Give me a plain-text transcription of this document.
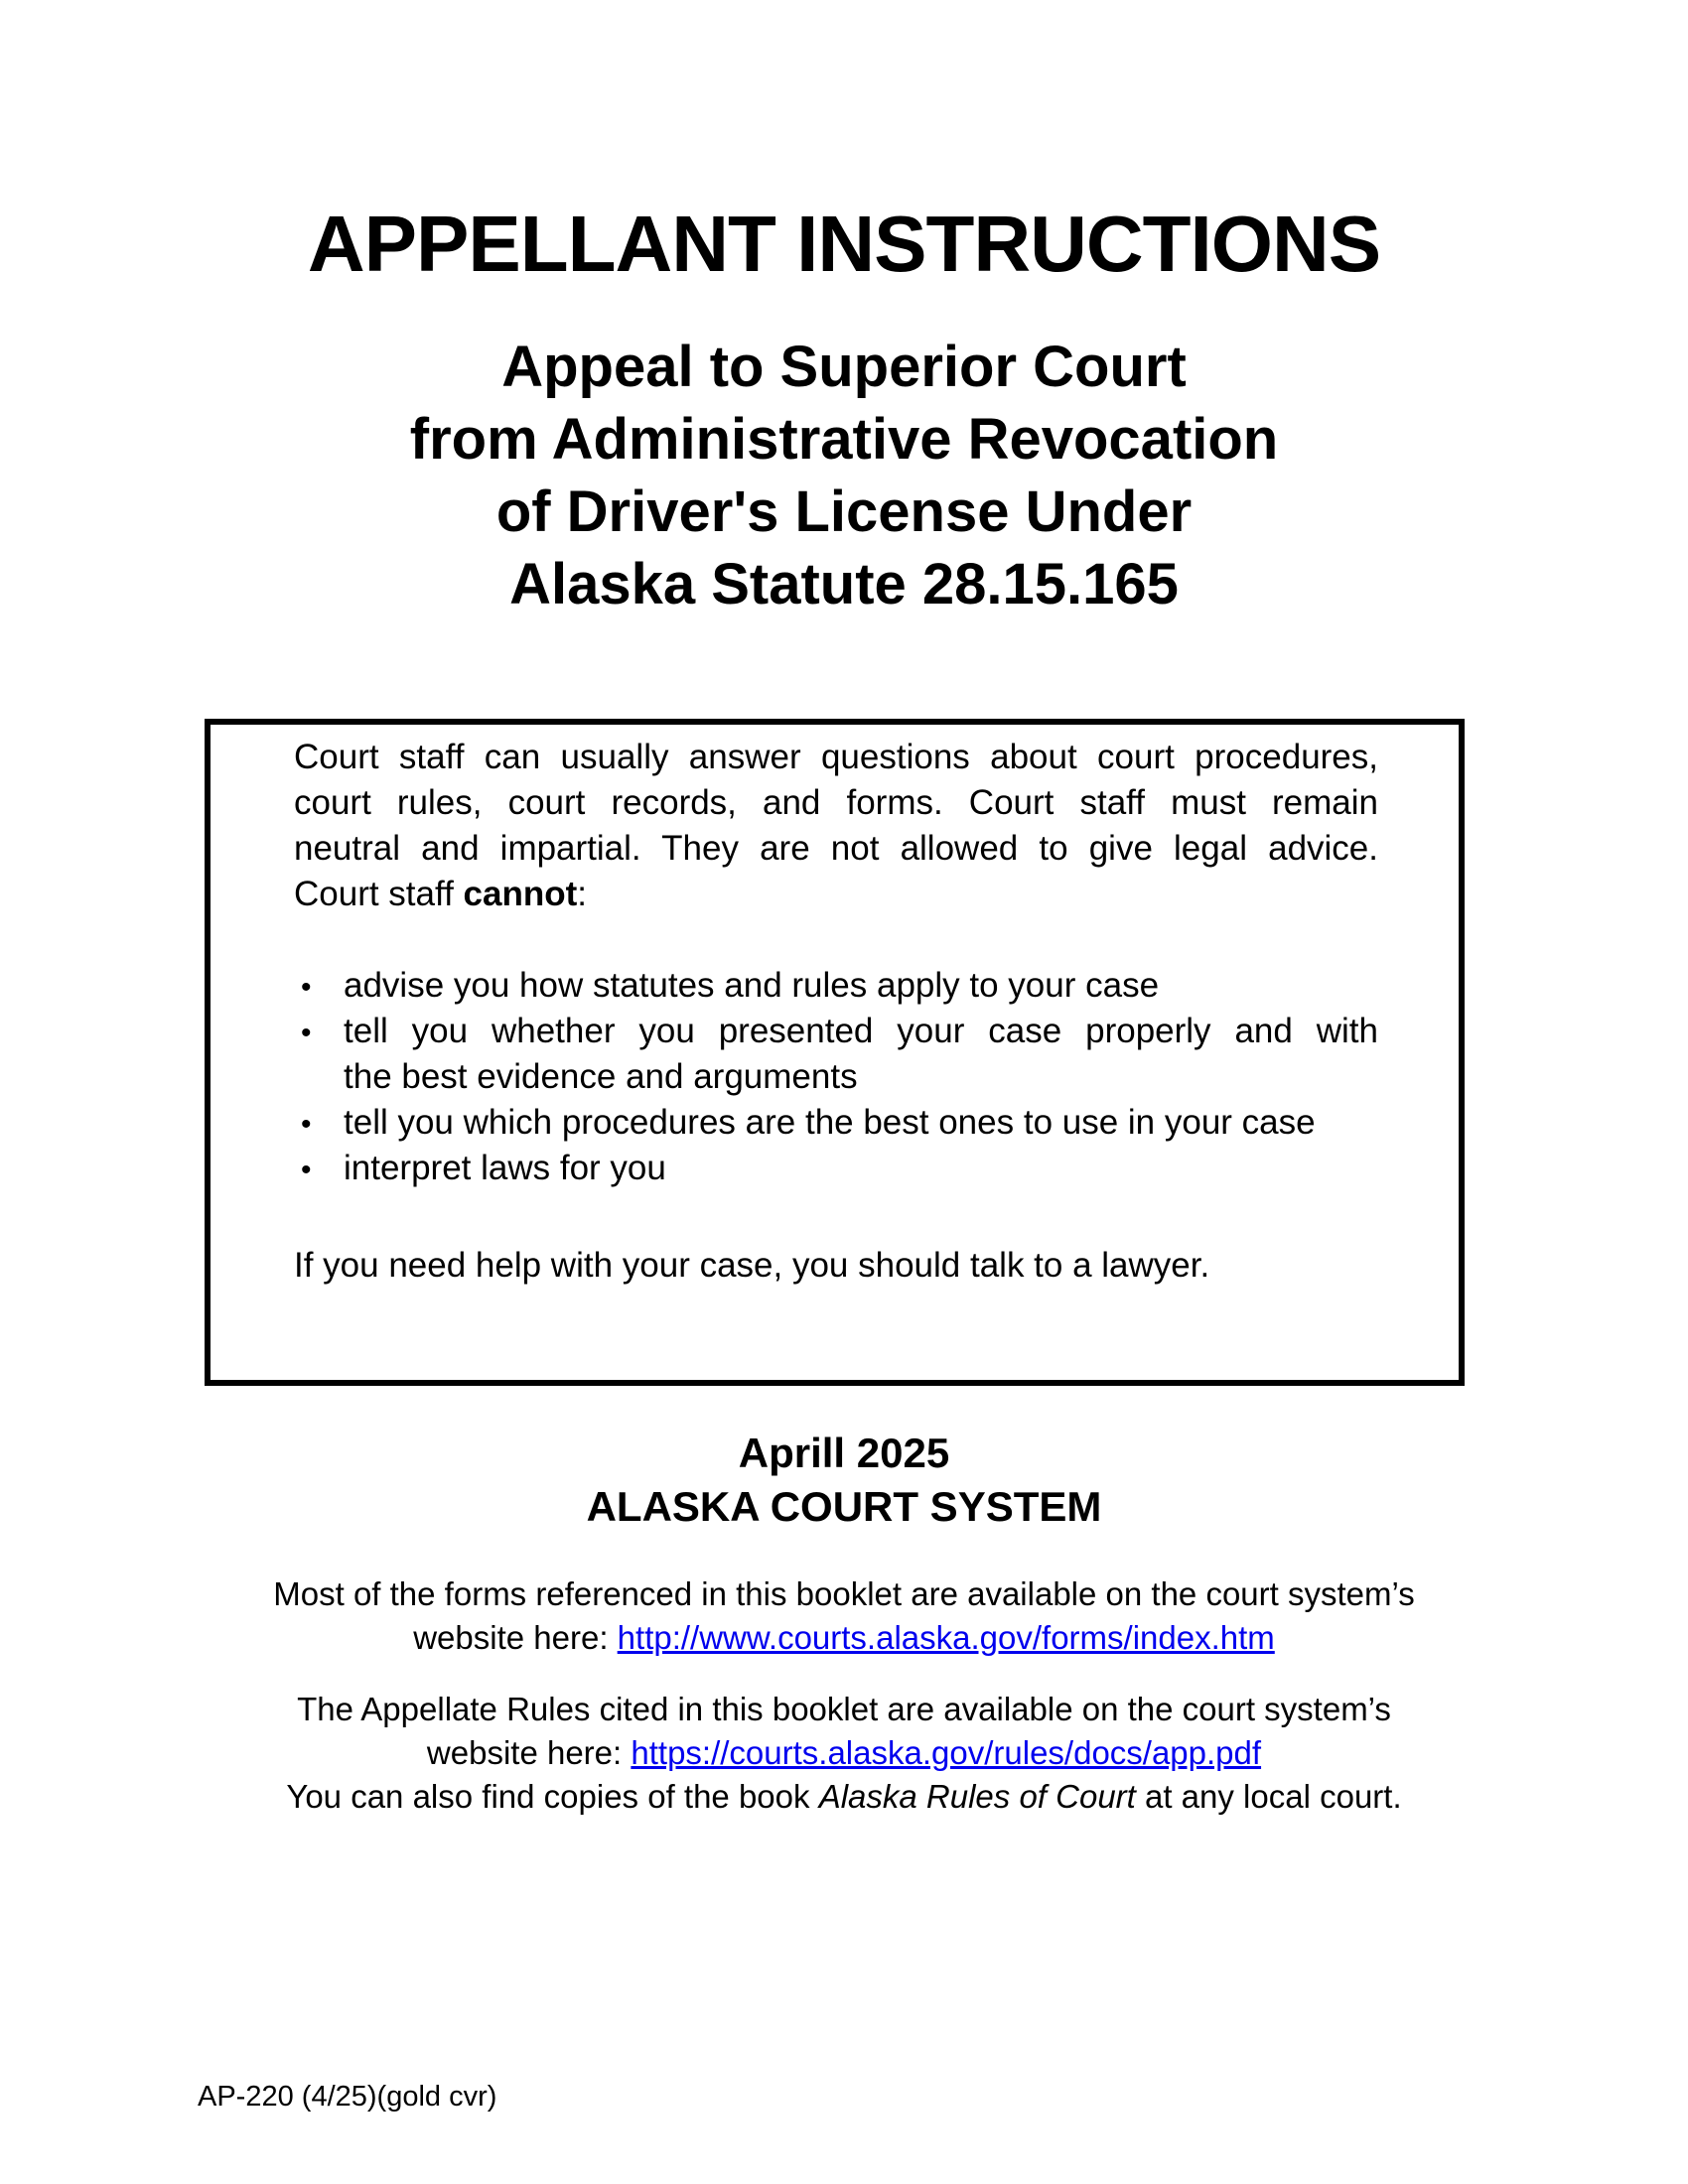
APPELLANT INSTRUCTIONS
Appeal to Superior Court
from Administrative Revocation
of Driver's License Under
Alaska Statute 28.15.165
Court staff can usually answer questions about court procedures,
court rules, court records, and forms. Court staff must remain
neutral and impartial. They are not allowed to give legal advice.
Court staff cannot:
• advise you how statutes and rules apply to your case
• tell you whether you presented your case properly and with
the best evidence and arguments
• tell you which procedures are the best ones to use in your case
• interpret laws for you
If you need help with your case, you should talk to a lawyer.
Aprill 2025
ALASKA COURT SYSTEM
Most of the forms referenced in this booklet are available on the court system’s
website here: http://www.courts.alaska.gov/forms/index.htm
The Appellate Rules cited in this booklet are available on the court system’s
website here: https://courts.alaska.gov/rules/docs/app.pdf
You can also find copies of the book Alaska Rules of Court at any local court.
AP-220 (4/25)(gold cvr)
